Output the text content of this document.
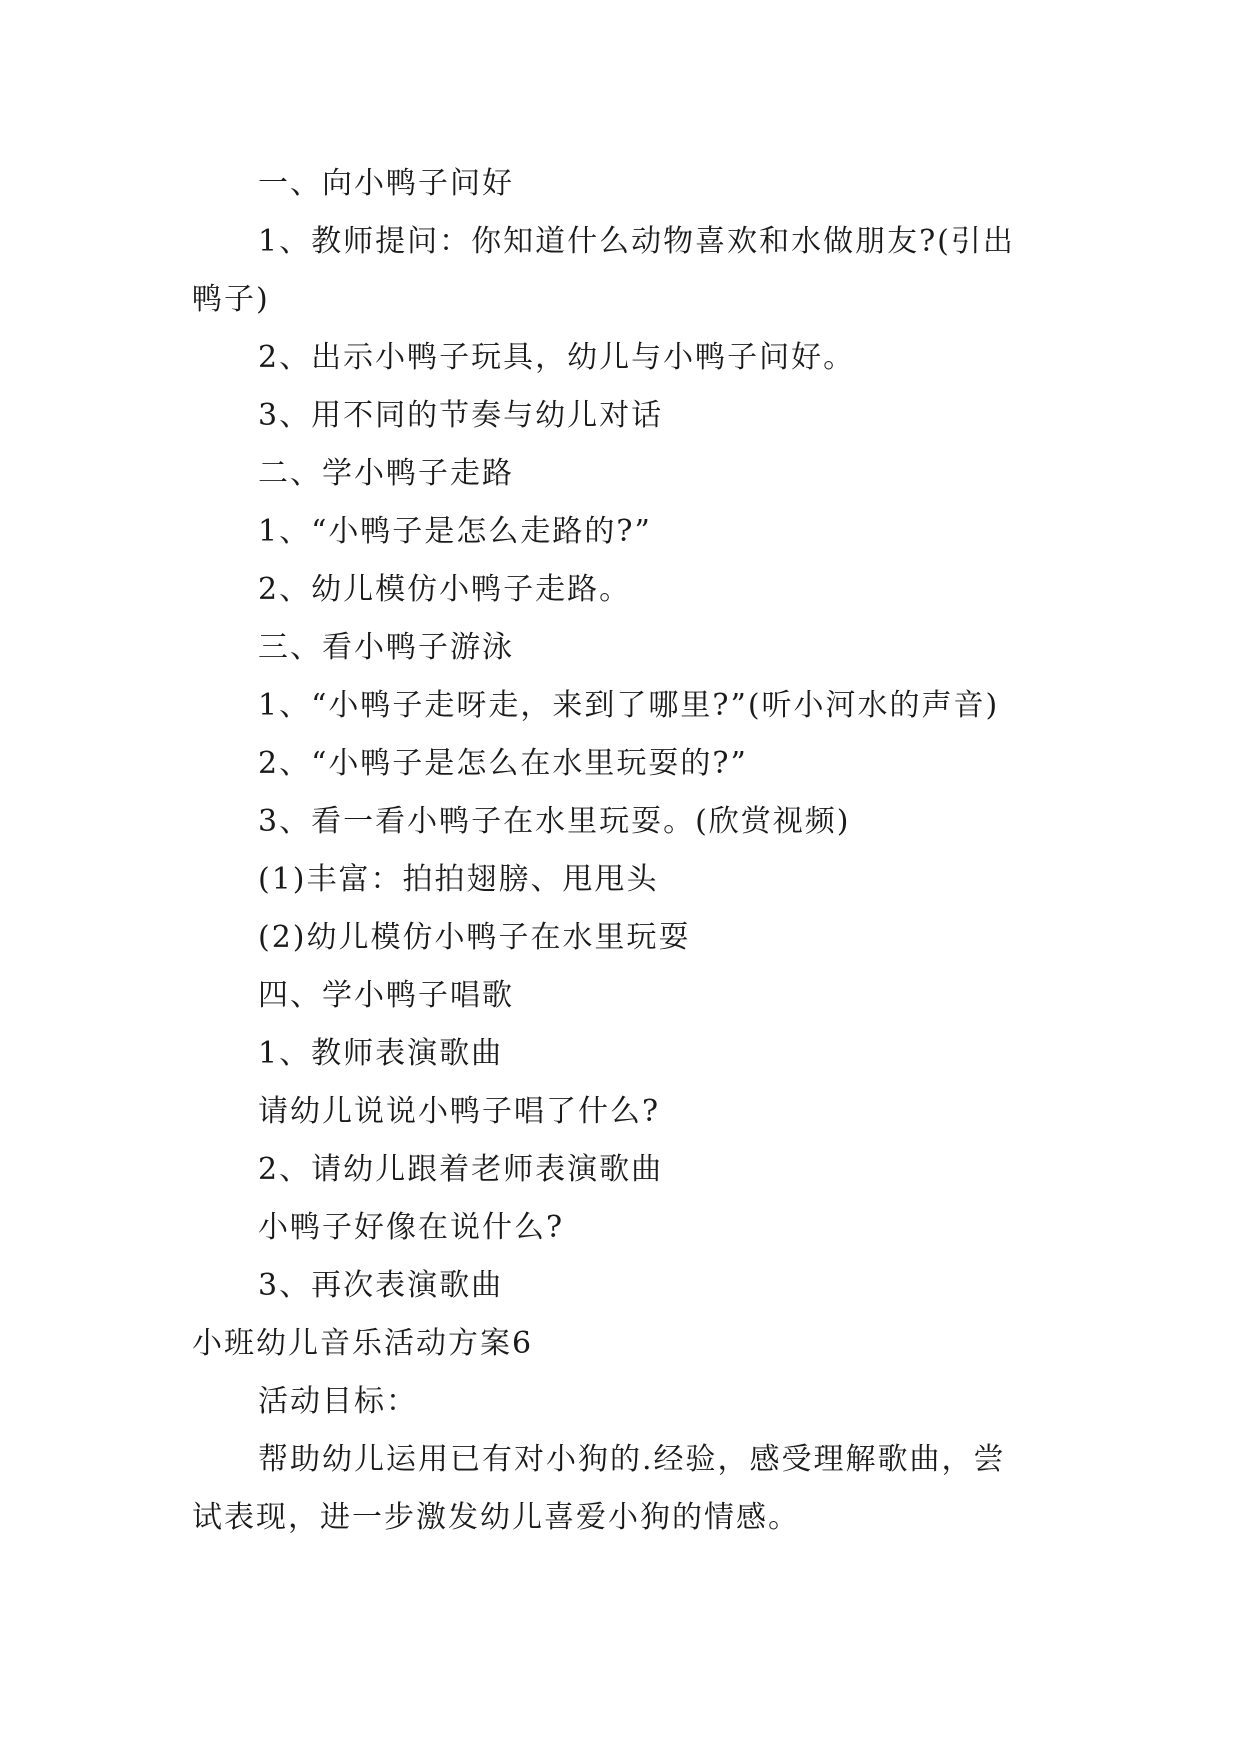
一、向小鸭子问好
1、教师提问：你知道什么动物喜欢和水做朋友?(引出
鸭子)
2、出示小鸭子玩具，幼儿与小鸭子问好。
3、用不同的节奏与幼儿对话
二、学小鸭子走路
1、“小鸭子是怎么走路的?”
2、幼儿模仿小鸭子走路。
三、看小鸭子游泳
1、“小鸭子走呀走，来到了哪里?”(听小河水的声音)
2、“小鸭子是怎么在水里玩耍的?”
3、看一看小鸭子在水里玩耍。(欣赏视频)
(1)丰富：拍拍翅膀、甩甩头
(2)幼儿模仿小鸭子在水里玩耍
四、学小鸭子唱歌
1、教师表演歌曲
请幼儿说说小鸭子唱了什么?
2、请幼儿跟着老师表演歌曲
小鸭子好像在说什么?
3、再次表演歌曲
小班幼儿音乐活动方案6
活动目标：
帮助幼儿运用已有对小狗的.经验，感受理解歌曲，尝
试表现，进一步激发幼儿喜爱小狗的情感。
